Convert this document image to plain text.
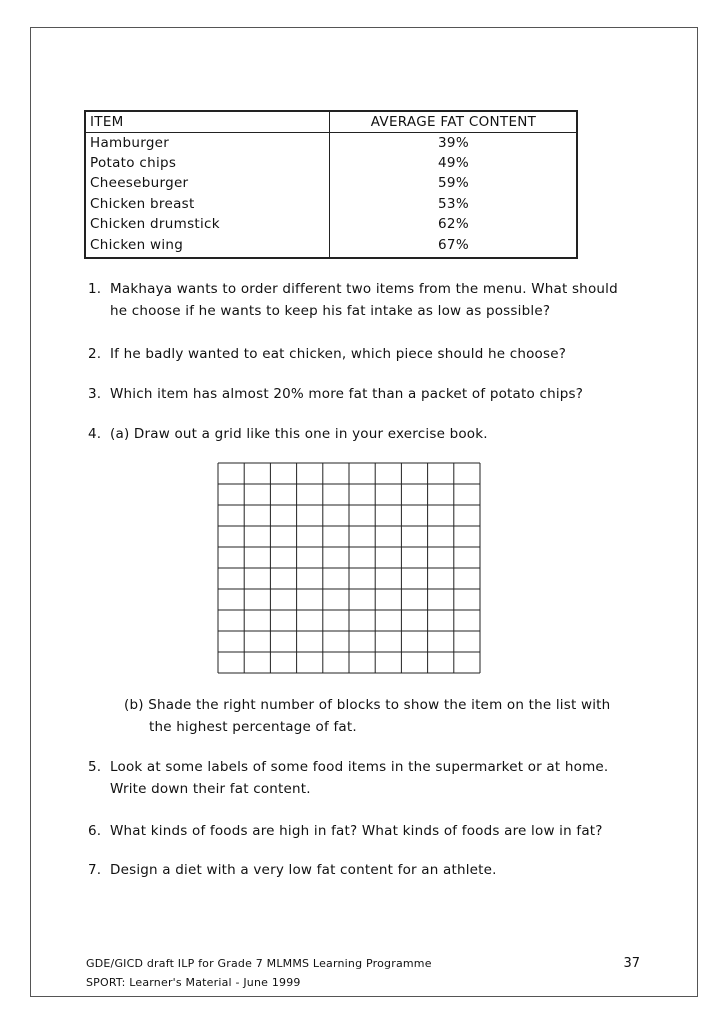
ITEM	AVERAGE FAT CONTENT
Hamburger	39%
Potato chips	49%
Cheeseburger	59%
Chicken breast	53%
Chicken drumstick	62%
Chicken wing	67%
1. Makhaya wants to order different two items from the menu. What should
he choose if he wants to keep his fat intake as low as possible?
2. If he badly wanted to eat chicken, which piece should he choose?
3. Which item has almost 20% more fat than a packet of potato chips?
4. (a) Draw out a grid like this one in your exercise book.
(b) Shade the right number of blocks to show the item on the list with
the highest percentage of fat.
5. Look at some labels of some food items in the supermarket or at home.
Write down their fat content.
6. What kinds of foods are high in fat? What kinds of foods are low in fat?
7. Design a diet with a very low fat content for an athlete.
GDE/GICD draft ILP for Grade 7 MLMMS Learning Programme
SPORT: Learner's Material - June 1999
37
